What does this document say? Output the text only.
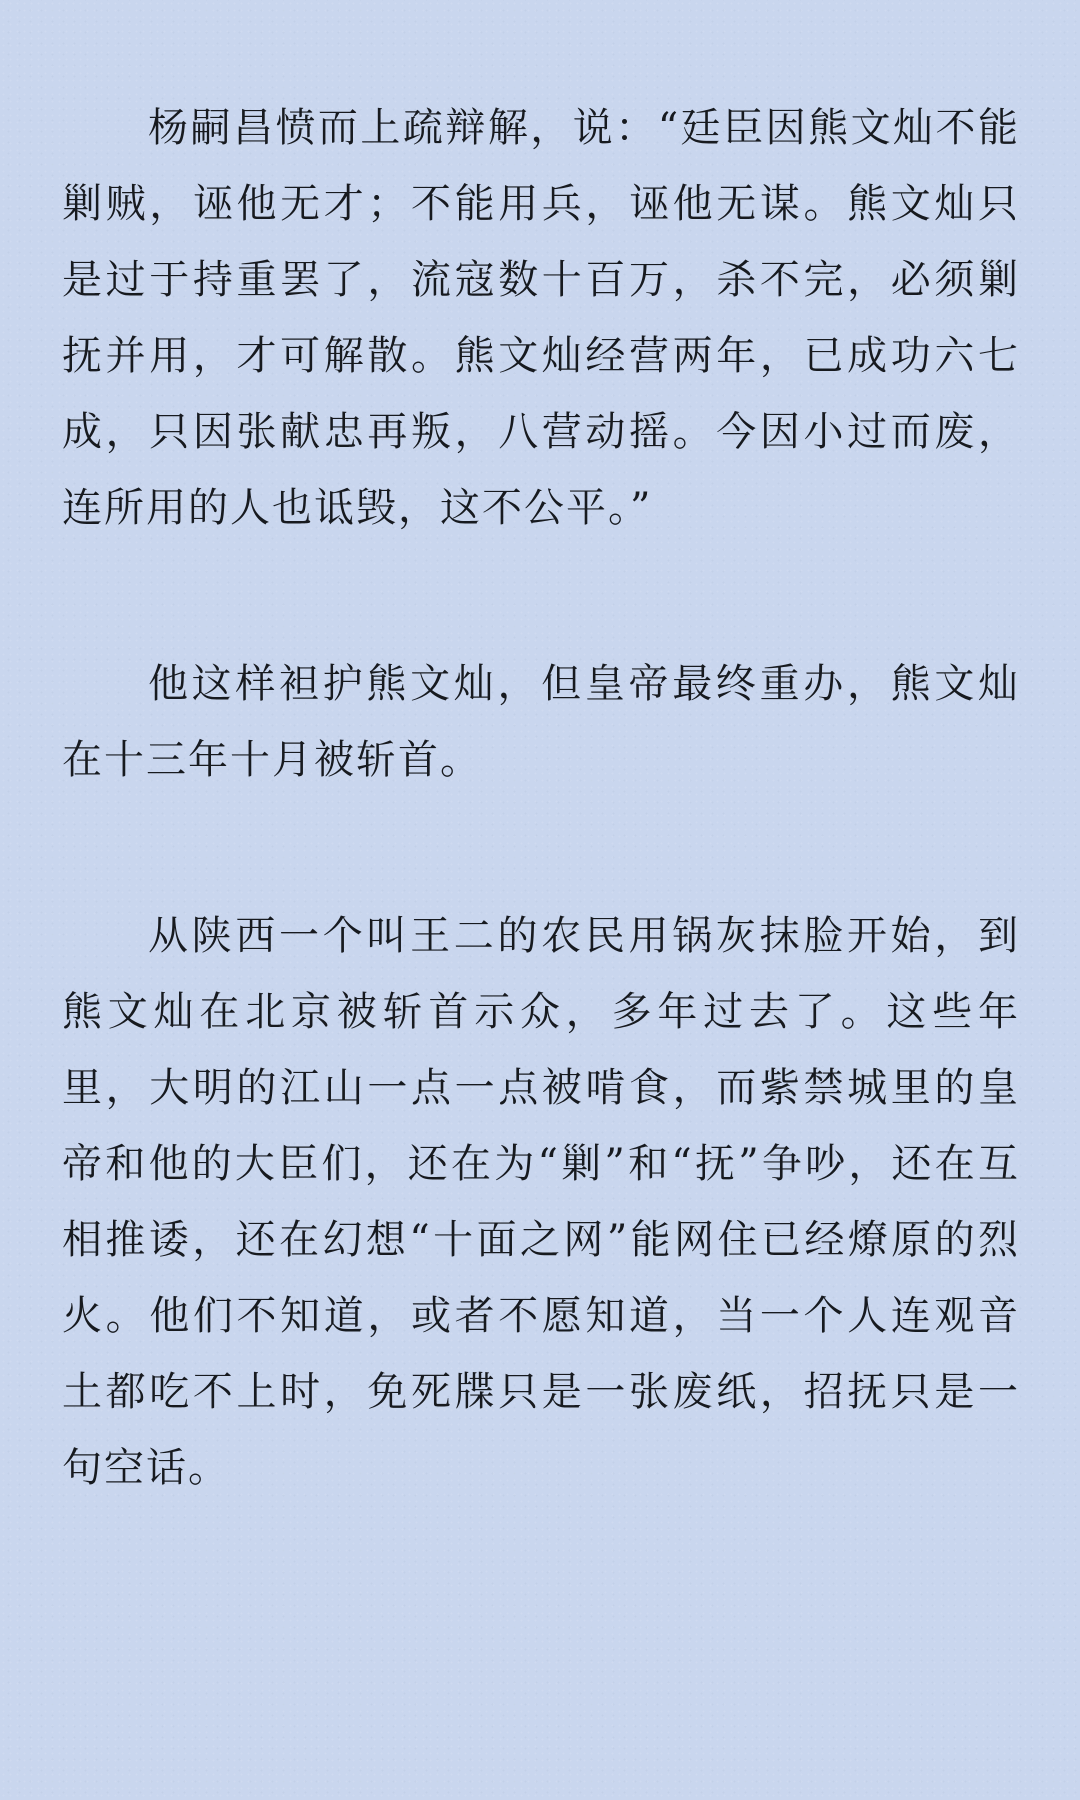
杨嗣昌愤而上疏辩解，说：“廷臣因熊文灿不能剿贼，诬他无才；不能用兵，诬他无谋。熊文灿只是过于持重罢了，流寇数十百万，杀不完，必须剿抚并用，才可解散。熊文灿经营两年，已成功六七成，只因张献忠再叛，八营动摇。今因小过而废，连所用的人也诋毁，这不公平。”

他这样袒护熊文灿，但皇帝最终重办，熊文灿在十三年十月被斩首。

从陕西一个叫王二的农民用锅灰抹脸开始，到熊文灿在北京被斩首示众，多年过去了。这些年里，大明的江山一点一点被啃食，而紫禁城里的皇帝和他的大臣们，还在为“剿”和“抚”争吵，还在互相推诿，还在幻想“十面之网”能网住已经燎原的烈火。他们不知道，或者不愿知道，当一个人连观音土都吃不上时，免死牒只是一张废纸，招抚只是一句空话。
